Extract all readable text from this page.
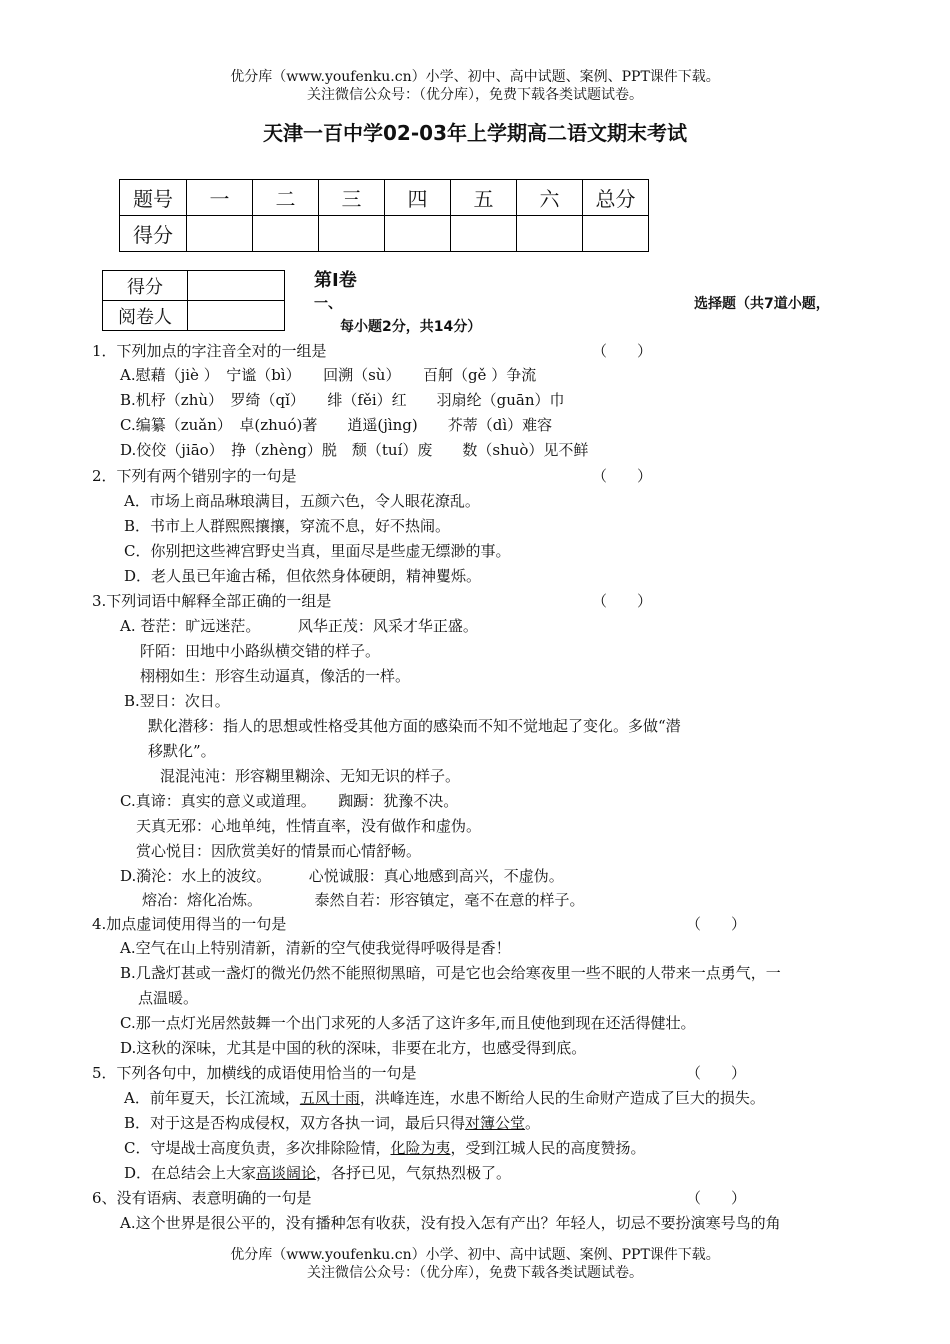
优分库（www.youfenku.cn）小学、初中、高中试题、案例、PPT课件下载。
关注微信公众号：（优分库），免费下载各类试题试卷。
天津一百中学02-03年上学期高二语文期末考试
题号	一	二	三	四	五	六	总分
得分							
得分	
阅卷人	
第Ⅰ卷
一、	选择题（共7道小题，
每小题2分，共14分）
1．下列加点的字注音全对的一组是	（　　）
A.慰藉（jiè ）　宁谧（bì）　　回溯（sù）　　百舸（gě ）争流
B.机杼（zhù）　罗绮（qǐ）　　绯（fěi）红　　羽扇纶（guān）巾
C.编纂（zuǎn）　卓(zhuó)著　　逍遥(jìng)　　芥蒂（dì）难容
D.佼佼（jiāo）　挣（zhèng）脱　颓（tuí）废　　数（shuò）见不鲜
2．下列有两个错别字的一句是	（　　）
A．市场上商品琳琅满目，五颜六色，令人眼花潦乱。
B．书市上人群熙熙攘攘，穿流不息，好不热闹。
C．你别把这些裨宫野史当真，里面尽是些虚无缥渺的事。
D．老人虽已年逾古稀，但依然身体硬朗，精神矍烁。
3.下列词语中解释全部正确的一组是	（　　）
A. 苍茫：旷远迷茫。　　　风华正茂：风采才华正盛。
阡陌：田地中小路纵横交错的样子。
栩栩如生：形容生动逼真，像活的一样。
B.翌日：次日。
默化潜移：指人的思想或性格受其他方面的感染而不知不觉地起了变化。多做“潜
移默化”。
混混沌沌：形容糊里糊涂、无知无识的样子。
C.真谛：真实的意义或道理。　　踟蹰：犹豫不决。
天真无邪：心地单纯，性情直率，没有做作和虚伪。
赏心悦目：因欣赏美好的情景而心情舒畅。
D.漪沦：水上的波纹。　　　心悦诚服：真心地感到高兴，不虚伪。
熔冶：熔化冶炼。　　　　泰然自若：形容镇定，毫不在意的样子。
4.加点虚词使用得当的一句是	（　　）
A.空气在山上特别清新，清新的空气使我觉得呼吸得是香！
B.几盏灯甚或一盏灯的微光仍然不能照彻黑暗，可是它也会给寒夜里一些不眠的人带来一点勇气，一
点温暖。
C.那一点灯光居然鼓舞一个出门求死的人多活了这许多年,而且使他到现在还活得健壮。
D.这秋的深味，尤其是中国的秋的深味，非要在北方，也感受得到底。
5．下列各句中，加横线的成语使用恰当的一句是	（　　）
A．前年夏天，长江流域，五风十雨，洪峰连连，水患不断给人民的生命财产造成了巨大的损失。
B．对于这是否构成侵权，双方各执一词，最后只得对簿公堂。
C．守堤战士高度负责，多次排除险情，化险为夷，受到江城人民的高度赞扬。
D．在总结会上大家高谈阔论，各抒已见，气氛热烈极了。
6、没有语病、表意明确的一句是	（　　）
A.这个世界是很公平的，没有播种怎有收获，没有投入怎有产出？年轻人，切忌不要扮演寒号鸟的角
优分库（www.youfenku.cn）小学、初中、高中试题、案例、PPT课件下载。
关注微信公众号：（优分库），免费下载各类试题试卷。
